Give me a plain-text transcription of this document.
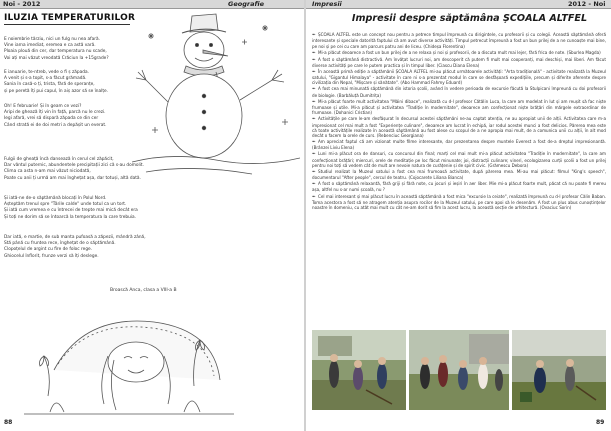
Noi - 2012	Geografie	Impresii	2012 - Noi
ILUZIA TEMPERATURILOR
E noiembrie târziu, nici un fulg nu nea afară.
Vine iarna imediat, eremea e ca astă vară.
Ploaia plouă din cer, dar temperatura nu scade,
Voi ați mai văzut vreodată Crăciun la +15grade?
E ianuarie, te-ntreb, vede o fi ș zăpada.
A venit și s-a topit, s-a făcut grămadă.
Sania în casă-o ți, trista, fără de speranțe,
și pe peretă îți pui capul, în aiș azor să se înalțe.
Oh! E februarie! Și în geam ce vezi?
Aripi de ghează îți vin în față, parcă nu le crezi.
Iegi afară, vrei să dispară zăpada ce din cer
Când strată ei de doi metri a depășit un everat.
Fulgii de gheață încă dansează în cerul cel zăpăcit,
Dar vântul puternic, abundentele precipitații zici că s-au domolit.
Clima ca asta n-am mai văzut niciodată,
Poate cu anii ți urmă am mai înghețat așa, dar totuși, altă dată.
Și iată-ne de-o săptămână blocați în Polul Nord.
Așteptăm trenul spre "Târile calde" unde totul ca un tort.
Și iată cum vremea e cu întrecei de trepte mai mică decât era
Și toți ne dorim să se întoarcă la temperatura la care trebuia.
Dar iată, e martie, de sub manta pufoasă a zăpezii, mândră zână,
Stă până cu fruntea rece, înghețat de o săptămână.
Clopoțelul de argint cu fire de foloc rege.
Ghiocelul înflorit, frunze verzi să îți deslege.
Broască Anca, clasa a VIII-a B
88
Impresii despre săptămâna ȘCOALA ALTFEL

✒ ȘCOALA ALTFEL este un concept nou pentru a petrece timpul împreună cu dirigintele, cu profesorii și cu colegii. Această săptămână oferă interesante și speciale datorită faptului că am avut diverse activități. Timpul petrecut împreună a fost un bun prilej de a ne cunoaște mai bine, pe noi și pe cei cu care am parcurs patru ani de liceu. (Chideșa Florentina)

✒ Mi-a plăcut deoarece a fost un bun prilej de a ne relaxa și noi și profesorii, de a discuta mult mai lejer, fără frica de note. (Sburlea Magda)

✒ A fost o săptămână distractivă. Am învățat lucruri noi, am descoperit că putem fi mult mai cooperanți, mai deschiși, mai liberi. Am făcut diverse activități pe care le putem practica și în timpul liber. (Ciascu Diana Elena)

✒ În această primă ediție a săptămânii ȘCOALA ALTFEL mi-au plăcut următoarele activități: "Arta tradițională" - activitate realizată la Muzeul satului, "Gigantul Himalaya" - activitate în care ni s-a prezentat modul în care se desfășoară expedițiile, precum și diferite aferente despre civilizația din Nepal, "Mișcare și sănătate". (Abo Hammad Fahmy Eduard)

✒ A fost cea mai minunată săptămână din istoria școlii, având în vedere perioada de excursie făcută la Stulpicani împreună cu doi profesorii de biologie. (Barbăluță Dumitrița)

✒ Mi-a plăcut foarte mult activitatea "Mâini dibace", realizată cu d-l profesor Cătălin Luca, la care am modelat în lut și am reușit să fac niște frumoase și utile. Mi-a plăcut și activitatea "Tradiție în modernitate", deoarece am confecționat niște brățări din mărgele extraordinar de frumoase. (Dohanici Cristian)

✒ Activitățile pe care le-am desfășurat în decursul acestei săptămâni ne-au captat atenția, ne au apropiat unii de alții. Activitatea care m-a impresionat cel mai mult a fost "Experiențe culinare", deoarece am lucrat în echipă, iar rodul acestei munci a fost delicios. Părerea mea este că toate activitățile realizate în această săptămână au fost alese cu scopul de a ne apropia mai mult, de a comunica unii cu alții, în alt mod decât o facem la orele de curs. (Rebenciuc Georgiana)

✒ Am apreciat faptul că am vizionat multe filme interesante, dar prezentarea despre muntele Everest a fost de-a dreptul impresionantă. (Brânzei Liviu Elena)

✒ Luni mi-a plăcut ora de dansuri, cu concursul din final; marți cel mai mult mi-a plăcut activitatea "Tradiție în modernitate", la care am confecționat brățări; miercuri, orele de meditație pe loc făcut minunate; joi, distracții culinare; vineri, ecologizarea curții școlii a fost un prilej pentru noi toți să vedem cât de mult are nevoie natura de curățenie și de spirit civic. (Grămescu Debora)

✒ Studiul realizat la Muzeul satului a fost cea mai frumoasă activitate, după părerea mea. Mi-au mai plăcut: filmul "King's speech", documentarul "After people", cercul de teatru. (Cojocarete Liliana Bianca)

✒ A fost o săptămână relaxantă, fără griji și fără note, cu jocuri și ieșiri în aer liber. Mie mi-a plăcut foarte mult, păcat că nu poate fi mereu așa, altfel nu s-ar numi școală, nu ?

✒ Cel mai interesant și mai plăcut lucru în această săptămână a fost mica "excursie la ceiate", realizată împreună cu d-l profesor Călin Baban. Toma acestora a fost să ne atragem atenția asupra rocilor de la Muzeul satului, pe care apoi să le desenăm. A fost un plus abus cunoștințelor noastre în domeniu, cu atât mai mult cu cât ne-am dorit să fim la acest lucru, la această secție de arhitectură. (Ovaciuc Sorin)

89
